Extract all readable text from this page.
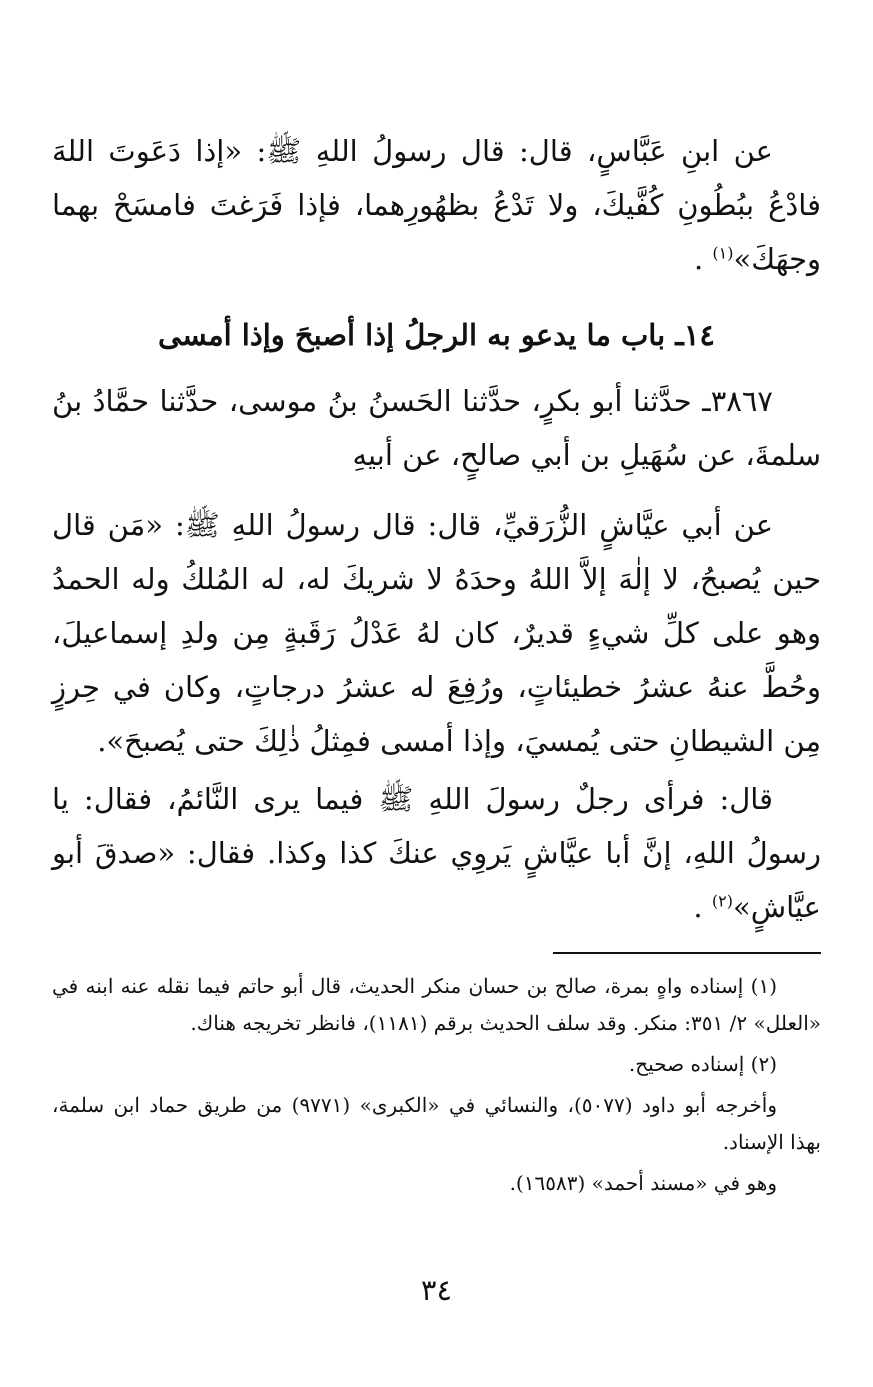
عن ابنِ عَبَّاسٍ، قال: قال رسولُ اللهِ ﷺ: «إذا دَعَوتَ اللهَ فادْعُ ببُطُونِ كُفَّيكَ، ولا تَدْعُ بظهُورِهما، فإذا فَرَغتَ فامسَحْ بهما وجهَكَ»$^{(١)}$ .

١٤ـ باب ما يدعو به الرجلُ إذا أصبحَ وإذا أمسى

٣٨٦٧ـ حدَّثنا أبو بكرٍ، حدَّثنا الحَسنُ بنُ موسى، حدَّثنا حمَّادُ بنُ سلمةَ، عن سُهَيلِ بن أبي صالحٍ، عن أبيهِ

عن أبي عيَّاشٍ الزُّرَقيِّ، قال: قال رسولُ اللهِ ﷺ: «مَن قال حين يُصبحُ، لا إلٰهَ إلاَّ اللهُ وحدَهُ لا شريكَ له، له المُلكُ وله الحمدُ وهو على كلِّ شيءٍ قديرٌ، كان لهُ عَدْلُ رَقَبةٍ مِن ولدِ إسماعيلَ، وحُطَّ عنهُ عشرُ خطيئاتٍ، ورُفِعَ له عشرُ درجاتٍ، وكان في حِرزٍ مِن الشيطانِ حتى يُمسيَ، وإذا أمسى فمِثلُ ذٰلِكَ حتى يُصبحَ».

قال: فرأى رجلٌ رسولَ اللهِ ﷺ فيما يرى النَّائمُ، فقال: يا رسولُ اللهِ، إنَّ أبا عيَّاشٍ يَروِي عنكَ كذا وكذا. فقال: «صدقَ أبو عيَّاشٍ»$^{(٢)}$ .

(١) إسناده واهٍ بمرة، صالح بن حسان منكر الحديث، قال أبو حاتم فيما نقله عنه ابنه في «العلل» ٢/ ٣٥١: منكر. وقد سلف الحديث برقم (١١٨١)، فانظر تخريجه هناك.

(٢) إسناده صحيح.

وأخرجه أبو داود (٥٠٧٧)، والنسائي في «الكبرى» (٩٧٧١) من طريق حماد ابن سلمة، بهذا الإسناد.

وهو في «مسند أحمد» (١٦٥٨٣).

٣٤
